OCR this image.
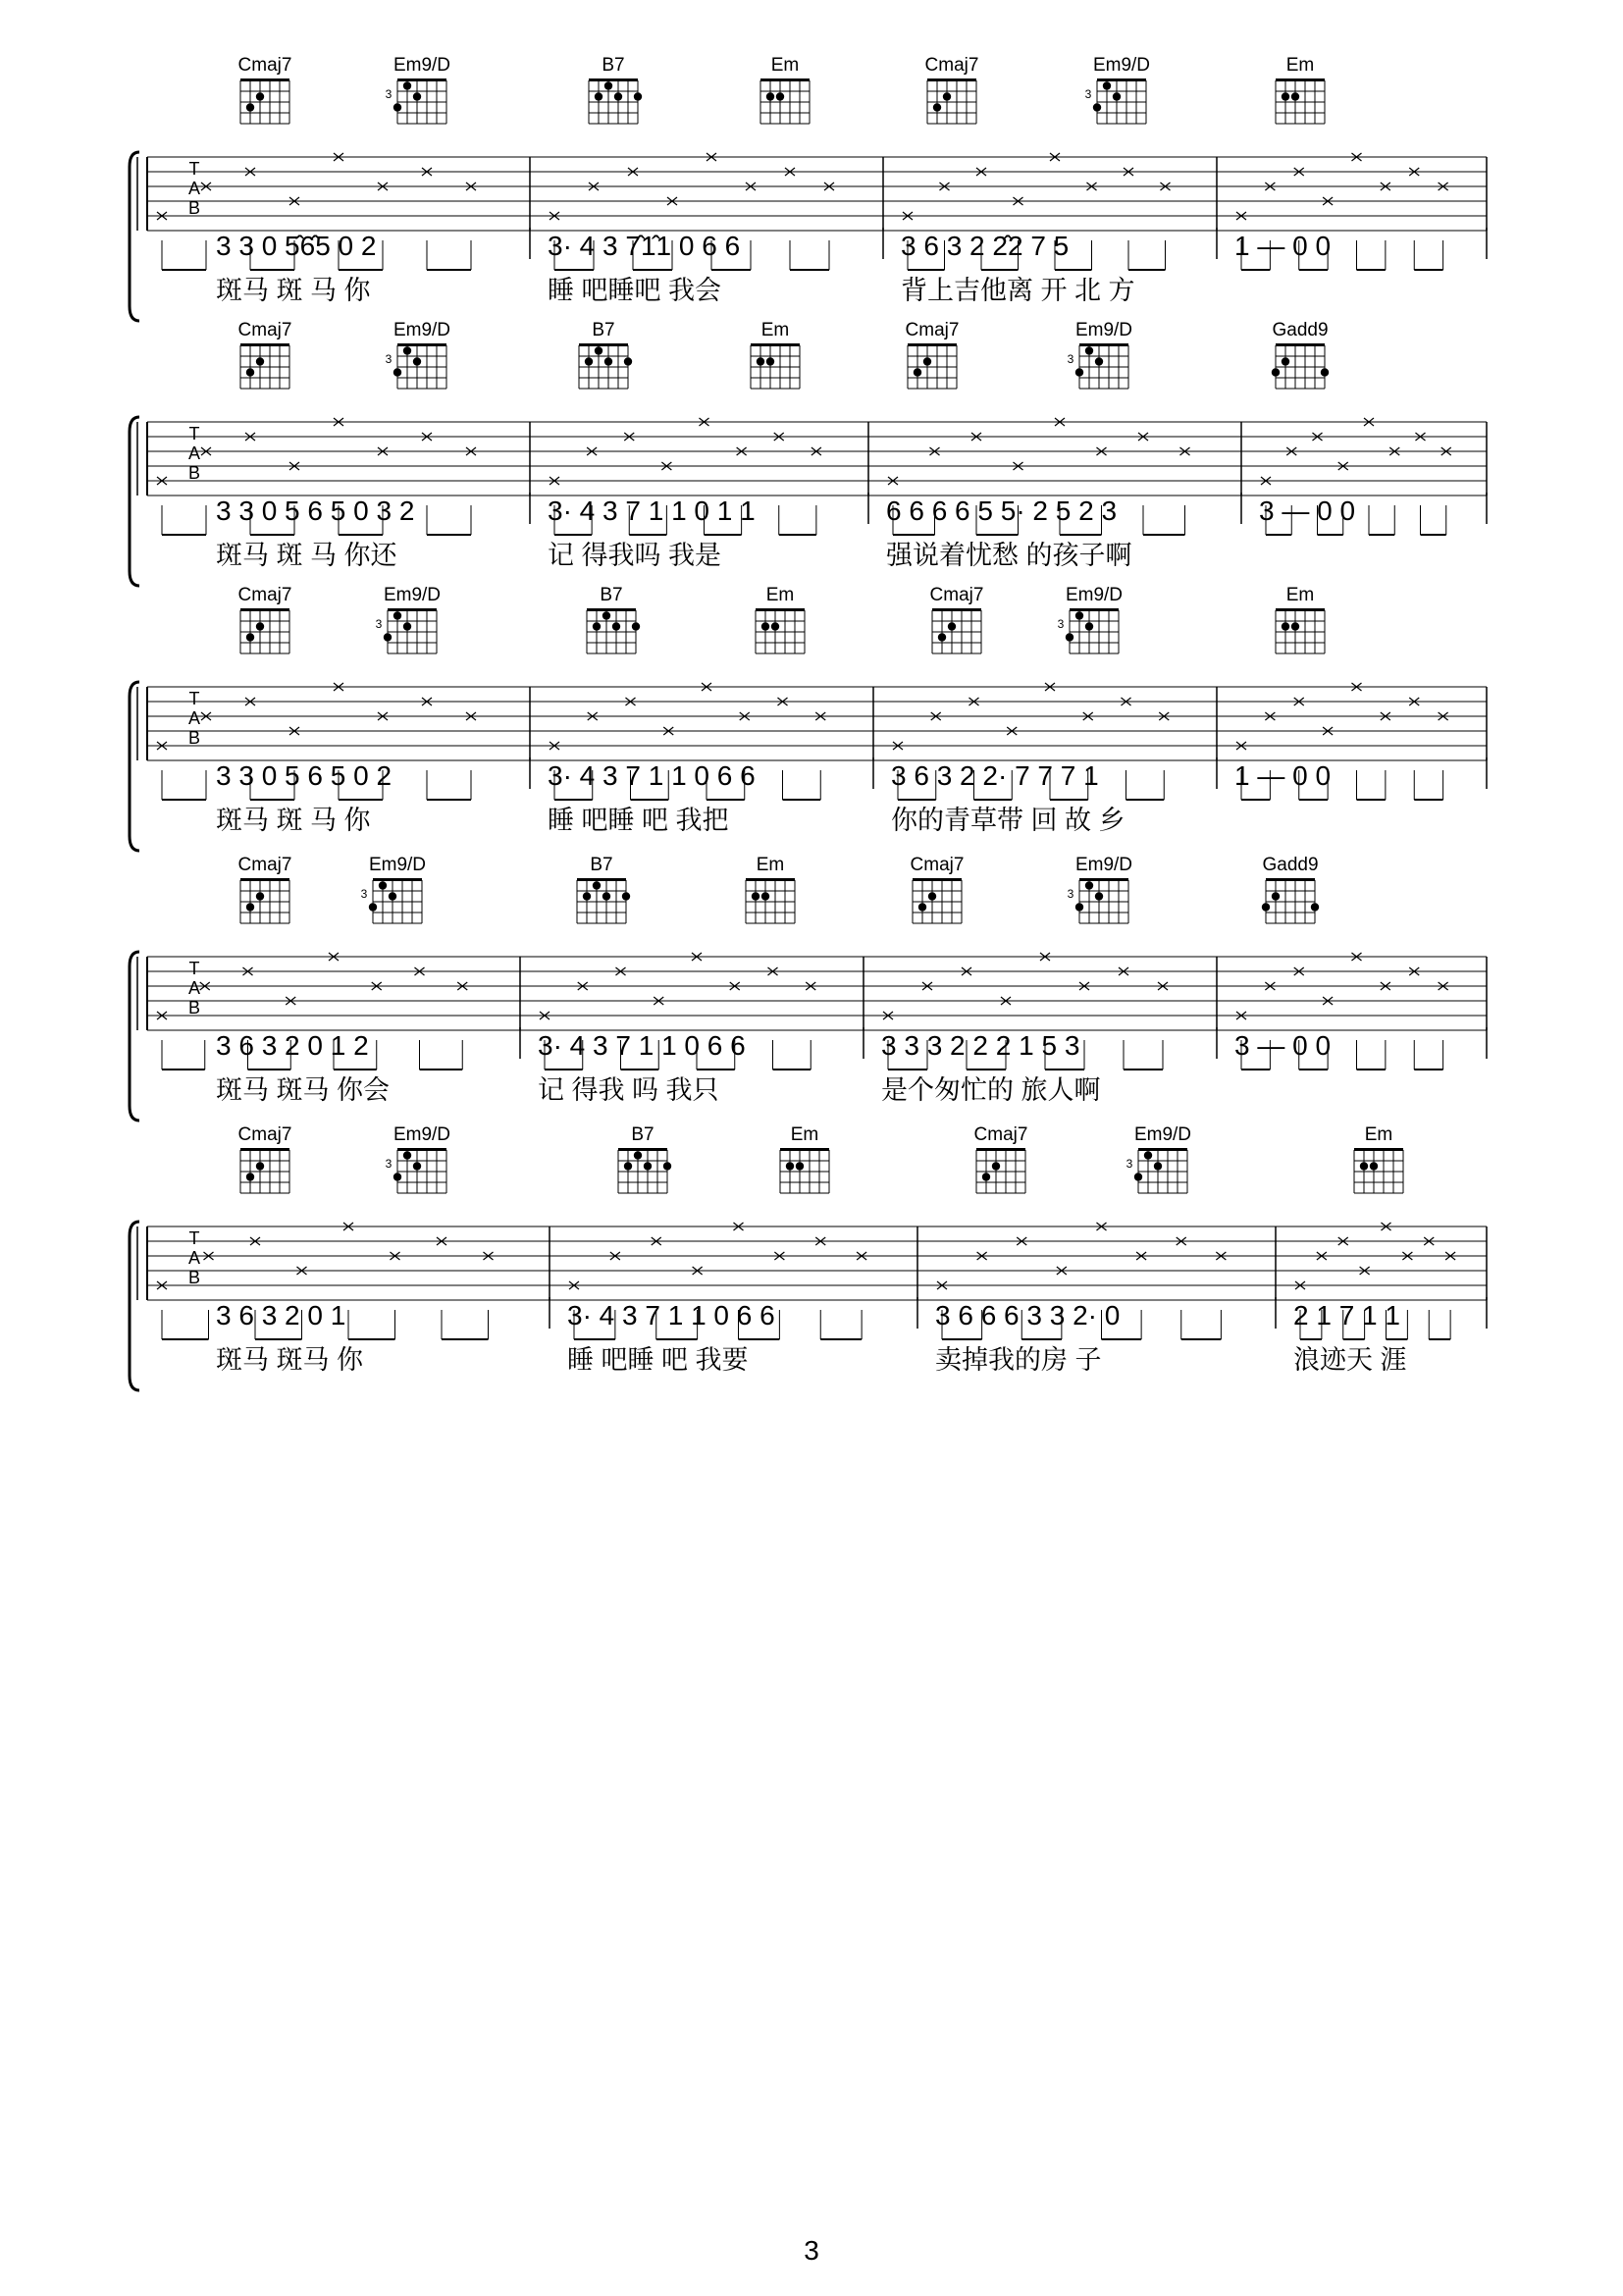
Cmaj7	Em9/D
3
B7	Em	Cmaj7	Em9/D
3
Em
T
A
B
3 3 0 5̂6̂5 0 2
斑马 斑 马 你
3· 4 3 7̂1̂1 0 6 6
睡 吧睡吧 我会
3 6 3 2 2̂2 7 5
背上吉他离 开 北 方
1 — 0 0
Cmaj7	Em9/D
3
B7	Em	Cmaj7	Em9/D
3
Gadd9
T
A
B
3 3 0 5 6 5 0 3 2
斑马 斑 马 你还
3· 4 3 7 1 1 0 1 1
记 得我吗 我是
6 6 6 6 5 5· 2 5 2 3
强说着忧愁 的孩子啊
3 — 0 0
Cmaj7	Em9/D
3
B7	Em	Cmaj7	Em9/D
3
Em
T
A
B
3 3 0 5 6 5 0 2
斑马 斑 马 你
3· 4 3 7 1 1 0 6 6
睡 吧睡 吧 我把
3 6 3 2 2· 7 7 7 1
你的青草带 回 故 乡
1 — 0 0
Cmaj7	Em9/D
3
B7	Em	Cmaj7	Em9/D
3
Gadd9
T
A
B
3 6 3 2 0 1 2
斑马 斑马 你会
3· 4 3 7 1 1 0 6 6
记 得我 吗 我只
3 3 3 2 2 2 1 5 3
是个匆忙的 旅人啊
3 — 0 0
Cmaj7	Em9/D
3
B7	Em	Cmaj7	Em9/D
3
Em
T
A
B
3 6 3 2 0 1
斑马 斑马 你
3· 4 3 7 1 1 0 6 6
睡 吧睡 吧 我要
3 6 6 6 3 3 2· 0
卖掉我的房 子
2 1 7 1 1
浪迹天 涯
3
